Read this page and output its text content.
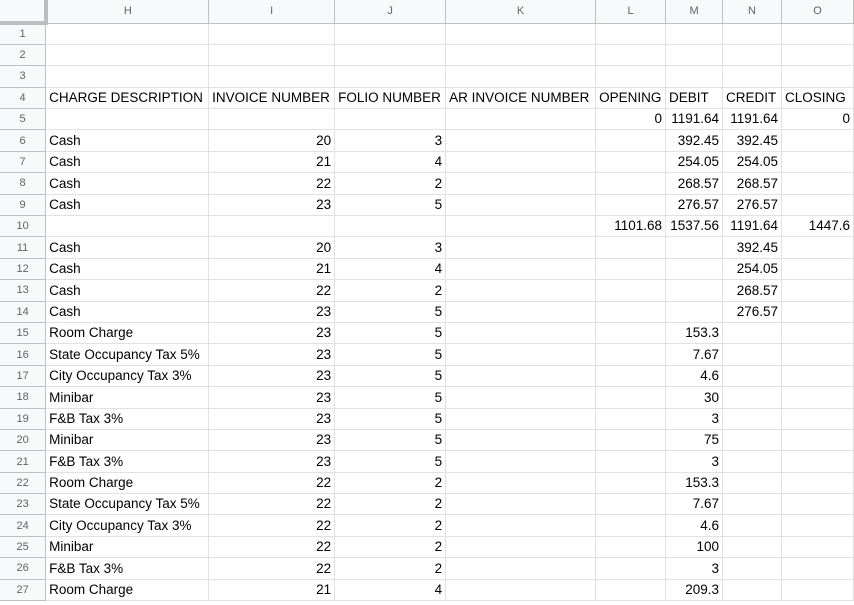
	H	I	J	K	L	M	N	O
1								
2								
3								
4	CHARGE DESCRIPTION	INVOICE NUMBER	FOLIO NUMBER	AR INVOICE NUMBER	OPENING	DEBIT	CREDIT	CLOSING
5					0	1191.64	1191.64	0
6	Cash	20	3			392.45	392.45	
7	Cash	21	4			254.05	254.05	
8	Cash	22	2			268.57	268.57	
9	Cash	23	5			276.57	276.57	
10					1101.68	1537.56	1191.64	1447.6
11	Cash	20	3				392.45	
12	Cash	21	4				254.05	
13	Cash	22	2				268.57	
14	Cash	23	5				276.57	
15	Room Charge	23	5			153.3		
16	State Occupancy Tax 5%	23	5			7.67		
17	City Occupancy Tax 3%	23	5			4.6		
18	Minibar	23	5			30		
19	F&B Tax 3%	23	5			3		
20	Minibar	23	5			75		
21	F&B Tax 3%	23	5			3		
22	Room Charge	22	2			153.3		
23	State Occupancy Tax 5%	22	2			7.67		
24	City Occupancy Tax 3%	22	2			4.6		
25	Minibar	22	2			100		
26	F&B Tax 3%	22	2			3		
27	Room Charge	21	4			209.3		
